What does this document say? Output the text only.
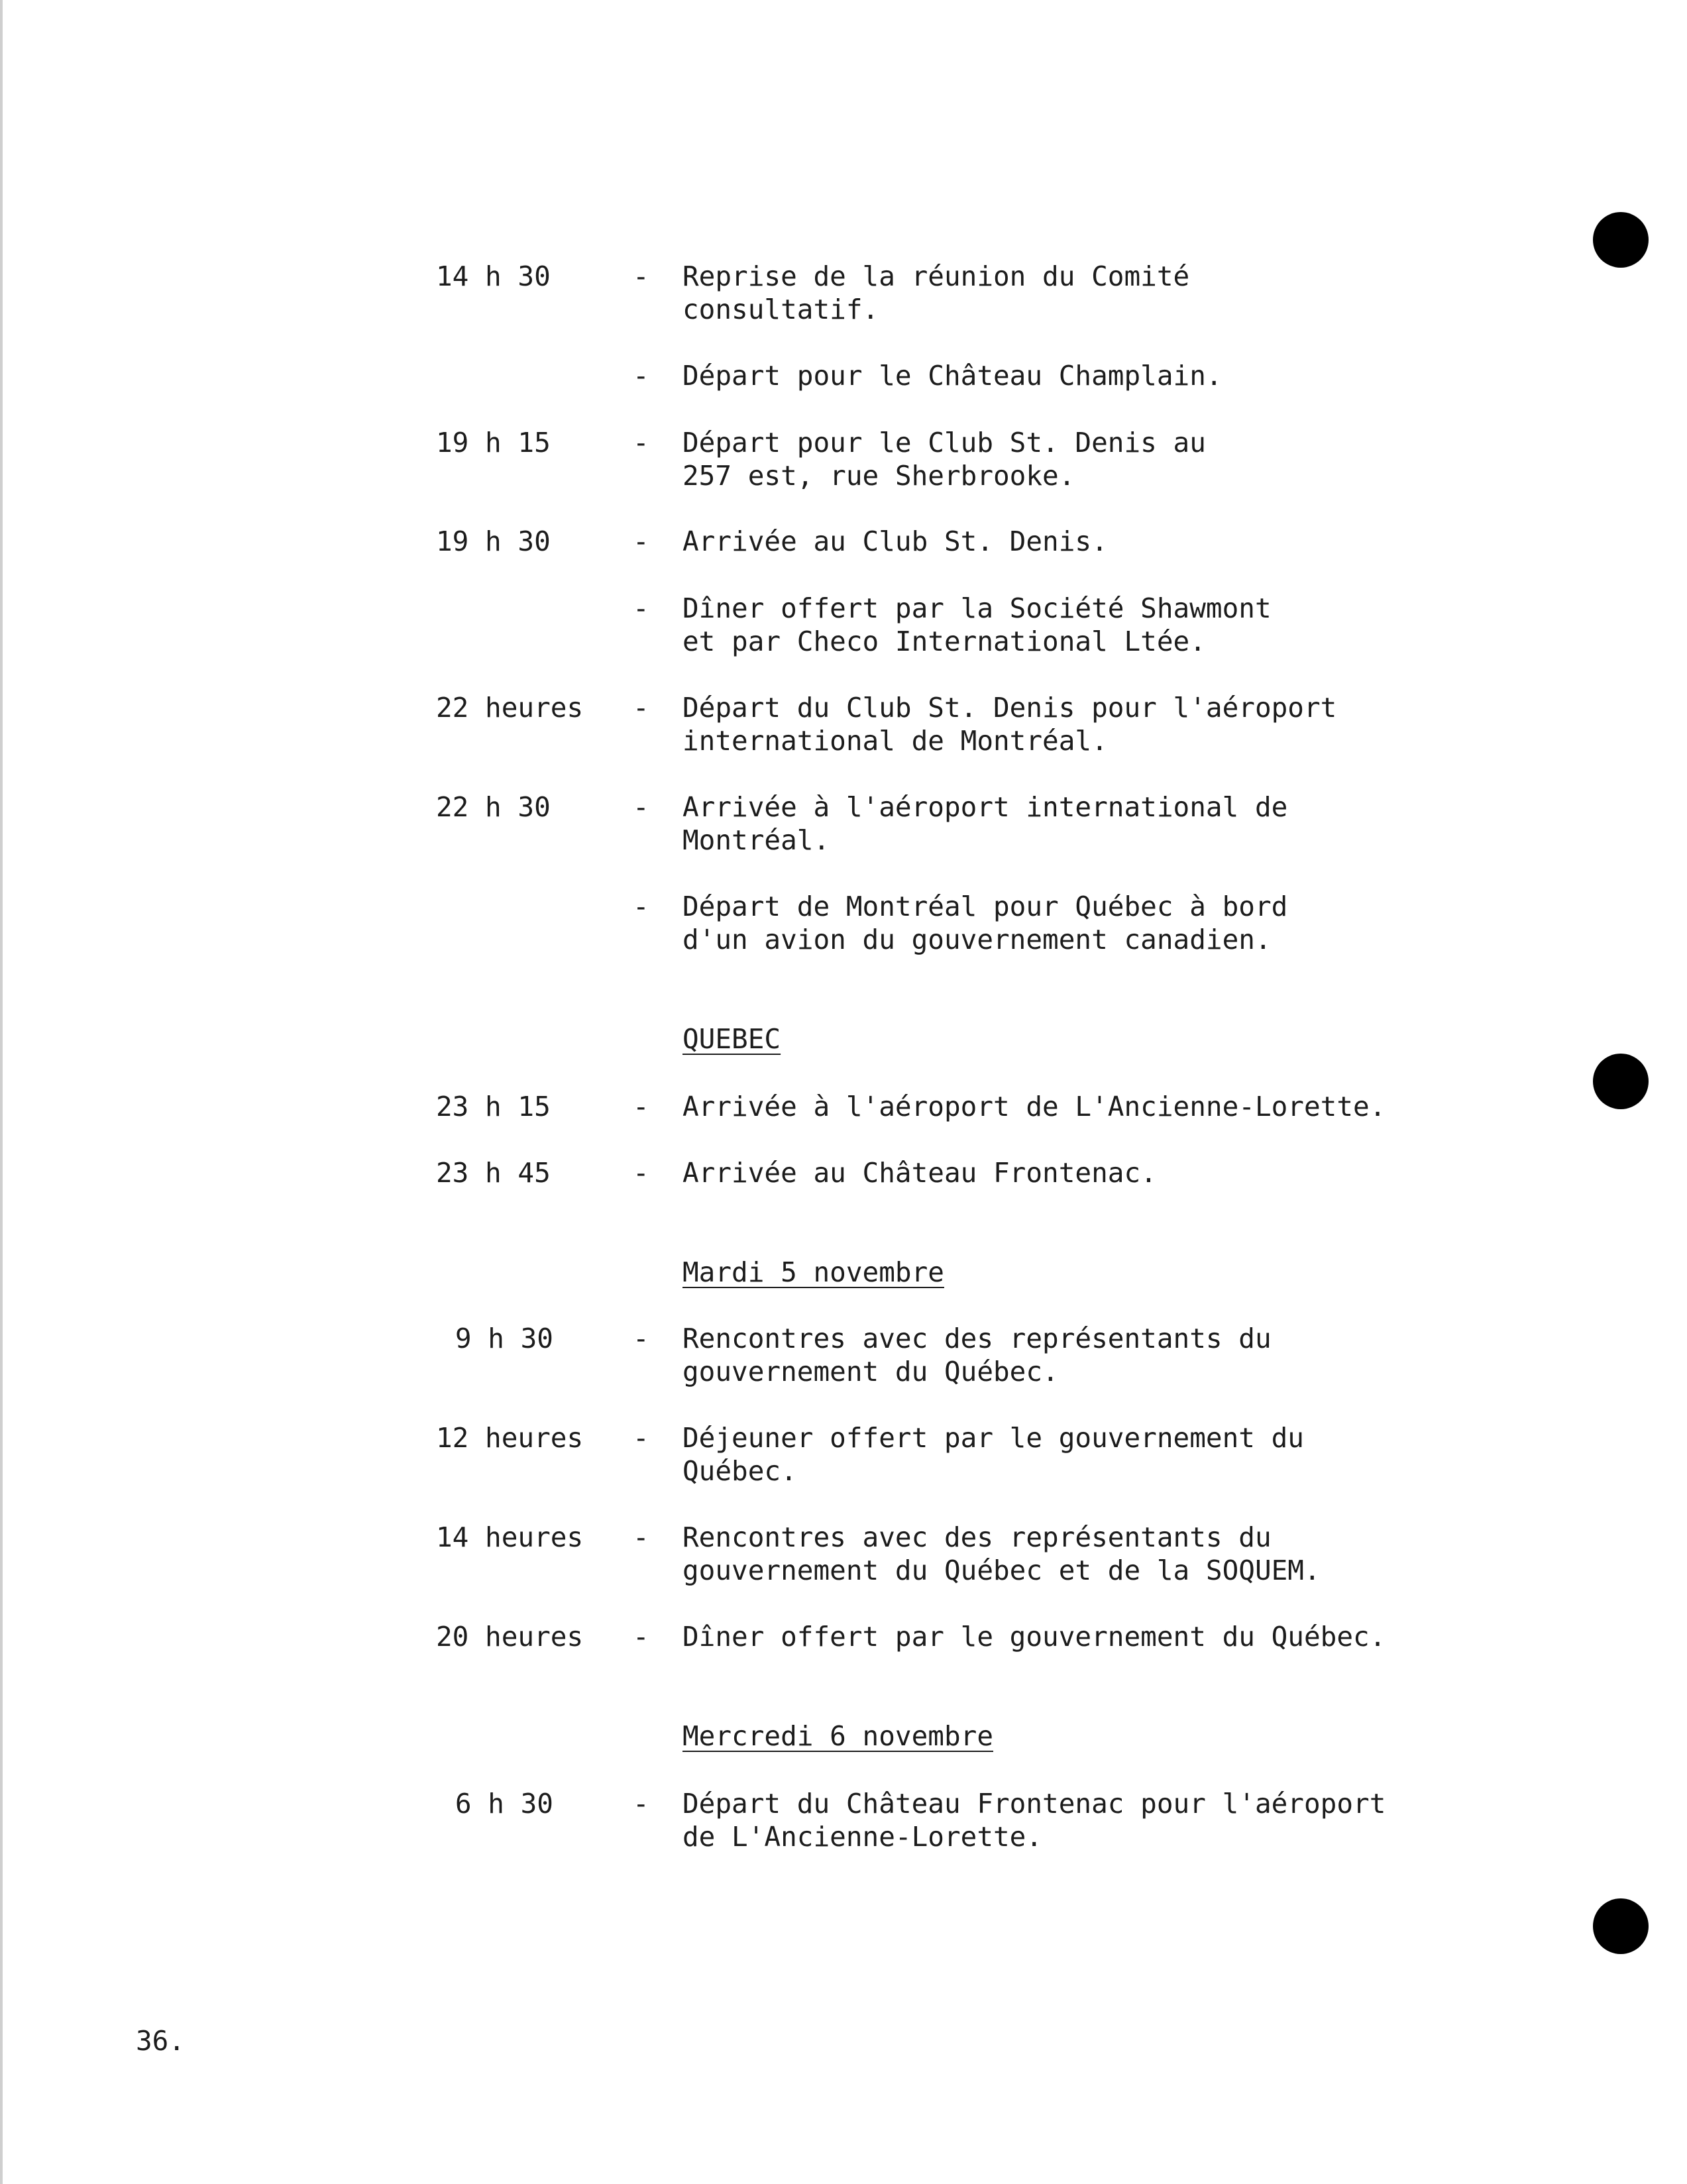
14 h 30	- Reprise de la réunion du Comité
consultatif.
- Départ pour le Château Champlain.
19 h 15	- Départ pour le Club St. Denis au
257 est, rue Sherbrooke.
19 h 30	- Arrivée au Club St. Denis.
- Dîner offert par la Société Shawmont
et par Checo International Ltée.
22 heures	- Départ du Club St. Denis pour l'aéroport
international de Montréal.
22 h 30	- Arrivée à l'aéroport international de
Montréal.
- Départ de Montréal pour Québec à bord
d'un avion du gouvernement canadien.
QUEBEC
23 h 15	- Arrivée à l'aéroport de L'Ancienne-Lorette.
23 h 45	- Arrivée au Château Frontenac.
Mardi 5 novembre
9 h 30	- Rencontres avec des représentants du
gouvernement du Québec.
12 heures	- Déjeuner offert par le gouvernement du
Québec.
14 heures	- Rencontres avec des représentants du
gouvernement du Québec et de la SOQUEM.
20 heures	- Dîner offert par le gouvernement du Québec.
Mercredi 6 novembre
6 h 30	- Départ du Château Frontenac pour l'aéroport
de L'Ancienne-Lorette.
36.
